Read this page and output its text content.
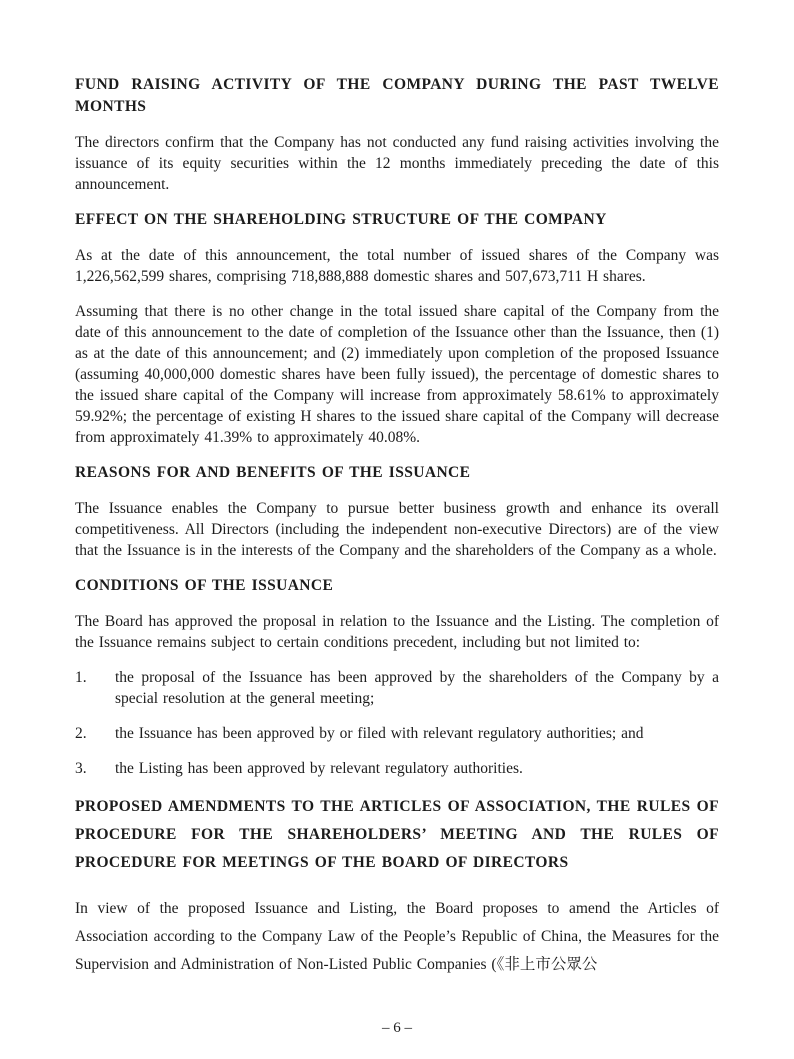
FUND RAISING ACTIVITY OF THE COMPANY DURING THE PAST TWELVE MONTHS
The directors confirm that the Company has not conducted any fund raising activities involving the issuance of its equity securities within the 12 months immediately preceding the date of this announcement.
EFFECT ON THE SHAREHOLDING STRUCTURE OF THE COMPANY
As at the date of this announcement, the total number of issued shares of the Company was 1,226,562,599 shares, comprising 718,888,888 domestic shares and 507,673,711 H shares.
Assuming that there is no other change in the total issued share capital of the Company from the date of this announcement to the date of completion of the Issuance other than the Issuance, then (1) as at the date of this announcement; and (2) immediately upon completion of the proposed Issuance (assuming 40,000,000 domestic shares have been fully issued), the percentage of domestic shares to the issued share capital of the Company will increase from approximately 58.61% to approximately 59.92%; the percentage of existing H shares to the issued share capital of the Company will decrease from approximately 41.39% to approximately 40.08%.
REASONS FOR AND BENEFITS OF THE ISSUANCE
The Issuance enables the Company to pursue better business growth and enhance its overall competitiveness. All Directors (including the independent non-executive Directors) are of the view that the Issuance is in the interests of the Company and the shareholders of the Company as a whole.
CONDITIONS OF THE ISSUANCE
The Board has approved the proposal in relation to the Issuance and the Listing. The completion of the Issuance remains subject to certain conditions precedent, including but not limited to:
1.	the proposal of the Issuance has been approved by the shareholders of the Company by a special resolution at the general meeting;
2.	the Issuance has been approved by or filed with relevant regulatory authorities; and
3.	the Listing has been approved by relevant regulatory authorities.
PROPOSED AMENDMENTS TO THE ARTICLES OF ASSOCIATION, THE RULES OF PROCEDURE FOR THE SHAREHOLDERS’ MEETING AND THE RULES OF PROCEDURE FOR MEETINGS OF THE BOARD OF DIRECTORS
In view of the proposed Issuance and Listing, the Board proposes to amend the Articles of Association according to the Company Law of the People’s Republic of China, the Measures for the Supervision and Administration of Non-Listed Public Companies (《非上市公眾公
– 6 –
